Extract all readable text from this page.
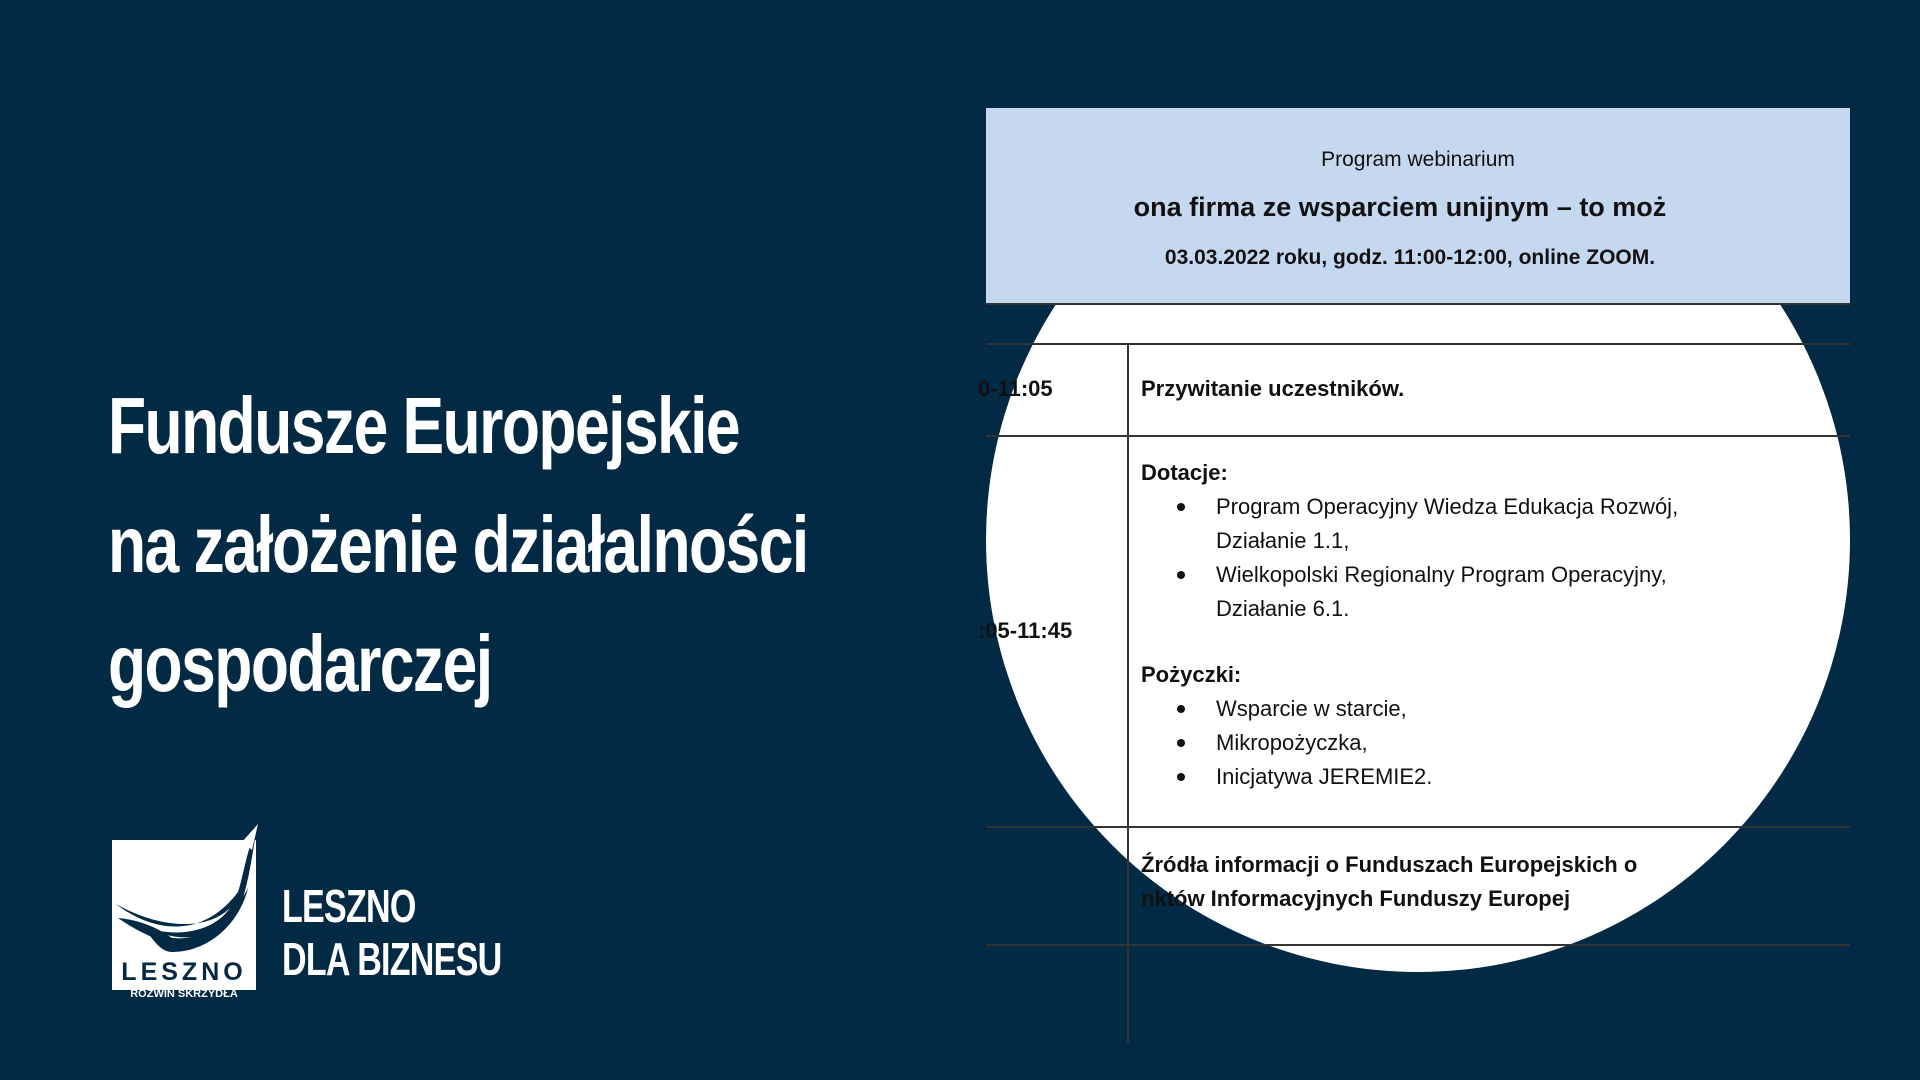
Fundusze Europejskie
na założenie działalności
gospodarczej
LESZNO
ROZWIŃ SKRZYDŁA
LESZNO
DLA BIZNESU
Program webinarium
ona firma ze wsparciem unijnym – to moż
03.03.2022 roku, godz. 11:00-12:00, online ZOOM.
0-11:05	Przywitanie uczestników.
:05-11:45
Dotacje:
Program Operacyjny Wiedza Edukacja Rozwój,
Działanie 1.1,
Wielkopolski Regionalny Program Operacyjny,
Działanie 6.1.
Pożyczki:
Wsparcie w starcie,
Mikropożyczka,
Inicjatywa JEREMIE2.
Źródła informacji o Funduszach Europejskich o
nktów Informacyjnych Funduszy Europej
